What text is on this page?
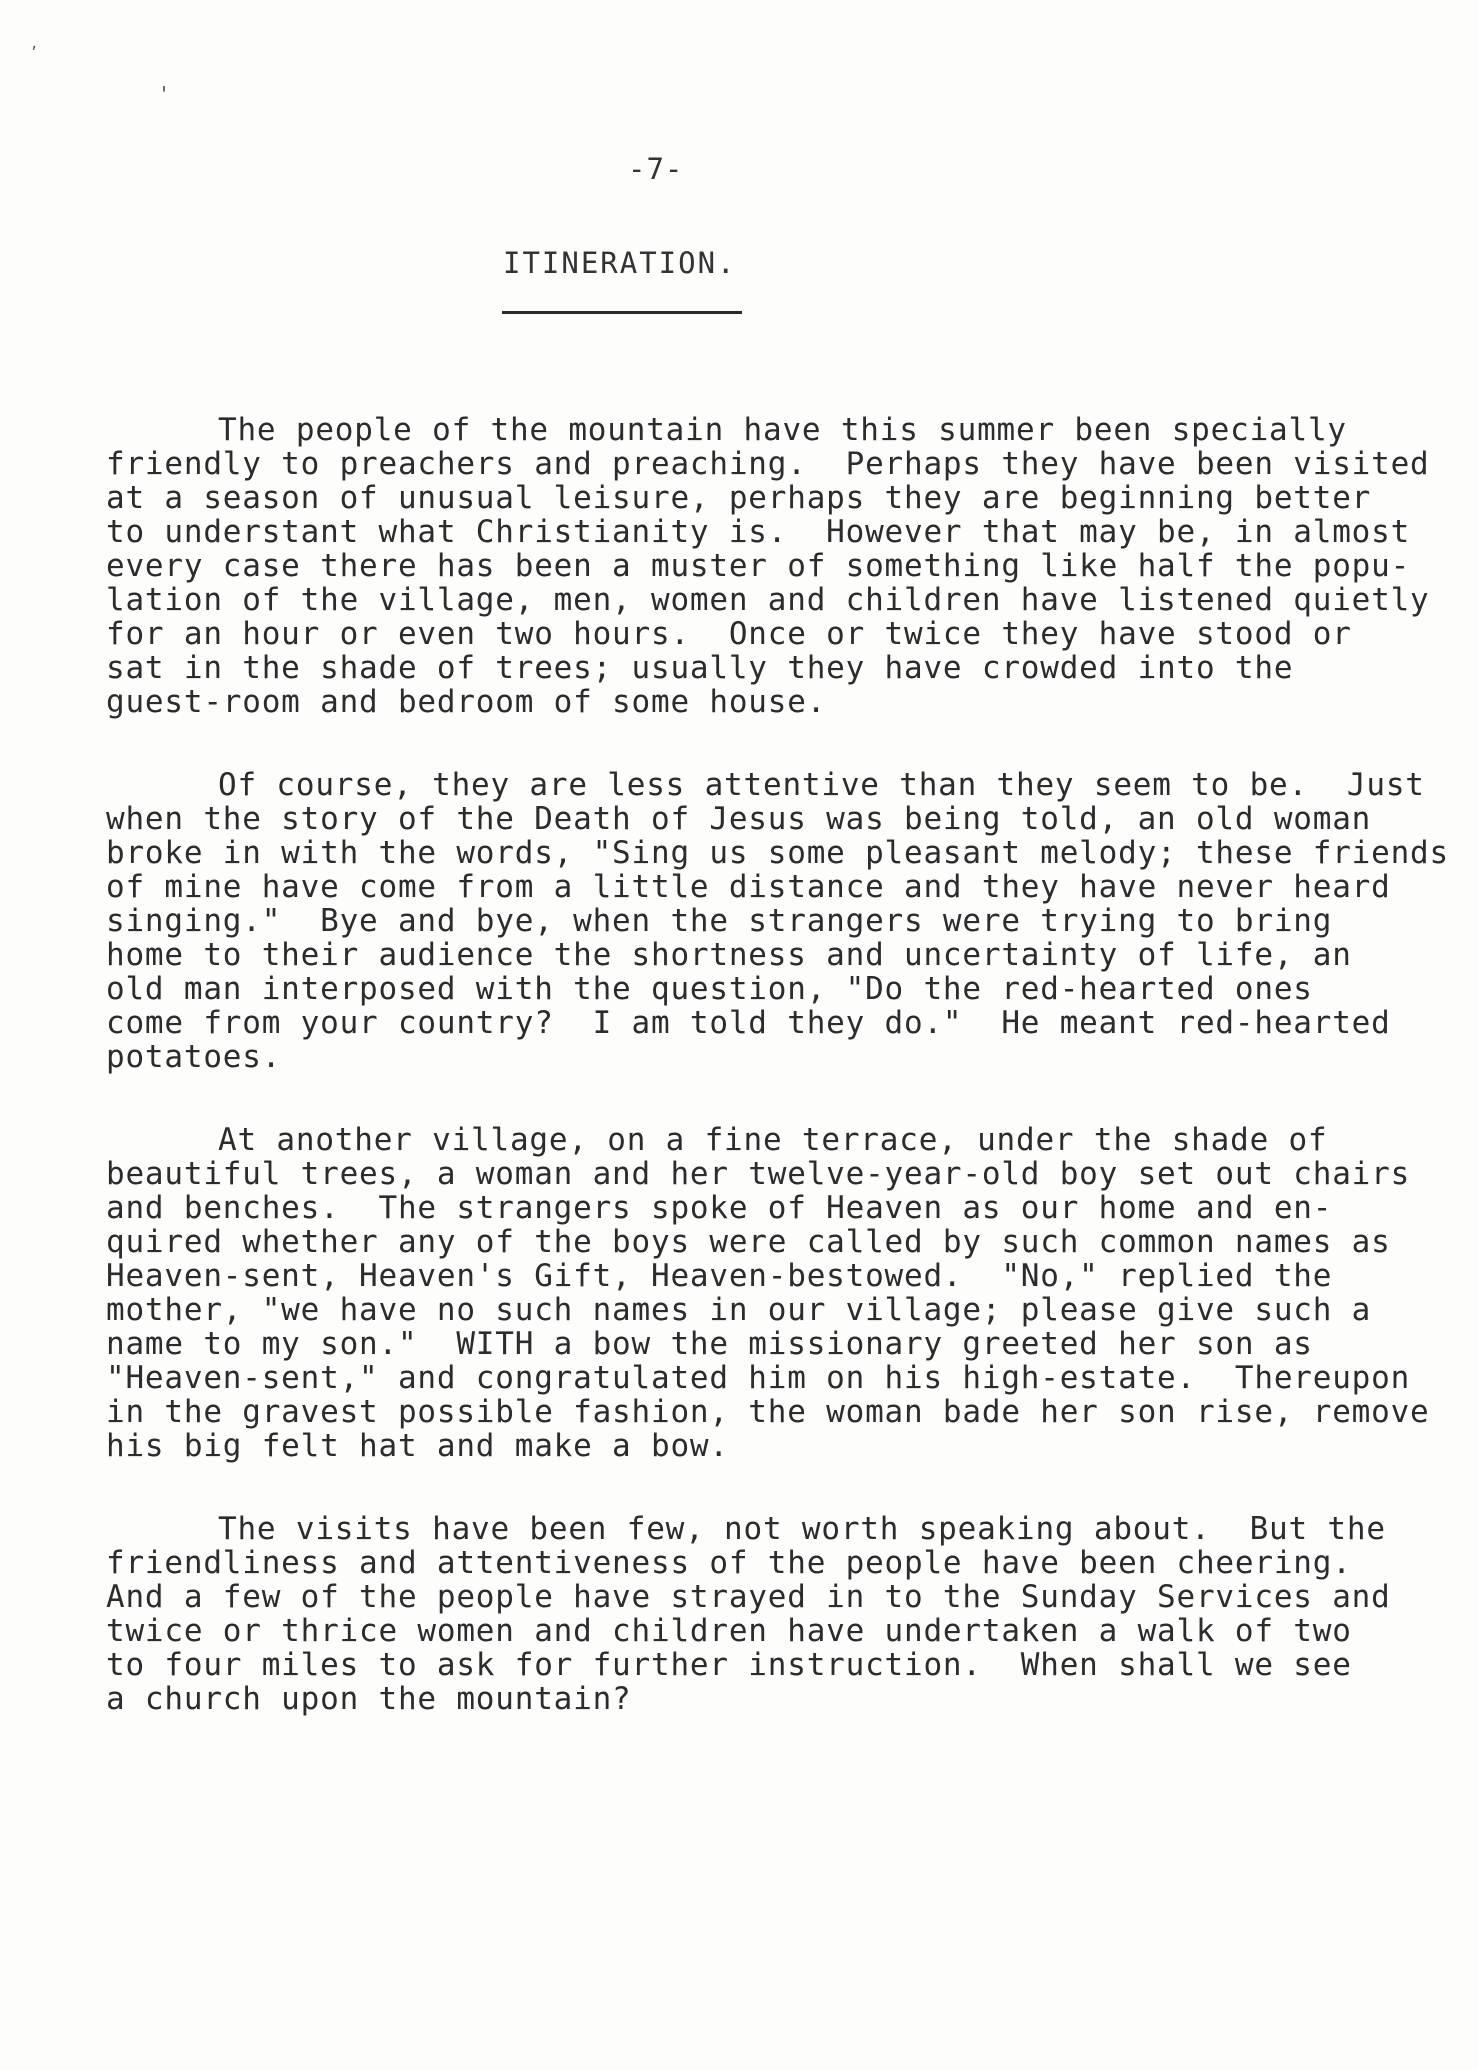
,
'
-7-
ITINERATION.
The people of the mountain have this summer been specially
friendly to preachers and preaching.  Perhaps they have been visited
at a season of unusual leisure, perhaps they are beginning better
to understant what Christianity is.  However that may be, in almost
every case there has been a muster of something like half the popu-
lation of the village, men, women and children have listened quietly
for an hour or even two hours.  Once or twice they have stood or
sat in the shade of trees; usually they have crowded into the
guest-room and bedroom of some house.
Of course, they are less attentive than they seem to be.  Just
when the story of the Death of Jesus was being told, an old woman
broke in with the words, "Sing us some pleasant melody; these friends
of mine have come from a little distance and they have never heard
singing."  Bye and bye, when the strangers were trying to bring
home to their audience the shortness and uncertainty of life, an
old man interposed with the question, "Do the red-hearted ones
come from your country?  I am told they do."  He meant red-hearted
potatoes.
At another village, on a fine terrace, under the shade of
beautiful trees, a woman and her twelve-year-old boy set out chairs
and benches.  The strangers spoke of Heaven as our home and en-
quired whether any of the boys were called by such common names as
Heaven-sent, Heaven's Gift, Heaven-bestowed.  "No," replied the
mother, "we have no such names in our village; please give such a
name to my son."  WITH a bow the missionary greeted her son as
"Heaven-sent," and congratulated him on his high-estate.  Thereupon
in the gravest possible fashion, the woman bade her son rise, remove
his big felt hat and make a bow.
The visits have been few, not worth speaking about.  But the
friendliness and attentiveness of the people have been cheering.
And a few of the people have strayed in to the Sunday Services and
twice or thrice women and children have undertaken a walk of two
to four miles to ask for further instruction.  When shall we see
a church upon the mountain?
